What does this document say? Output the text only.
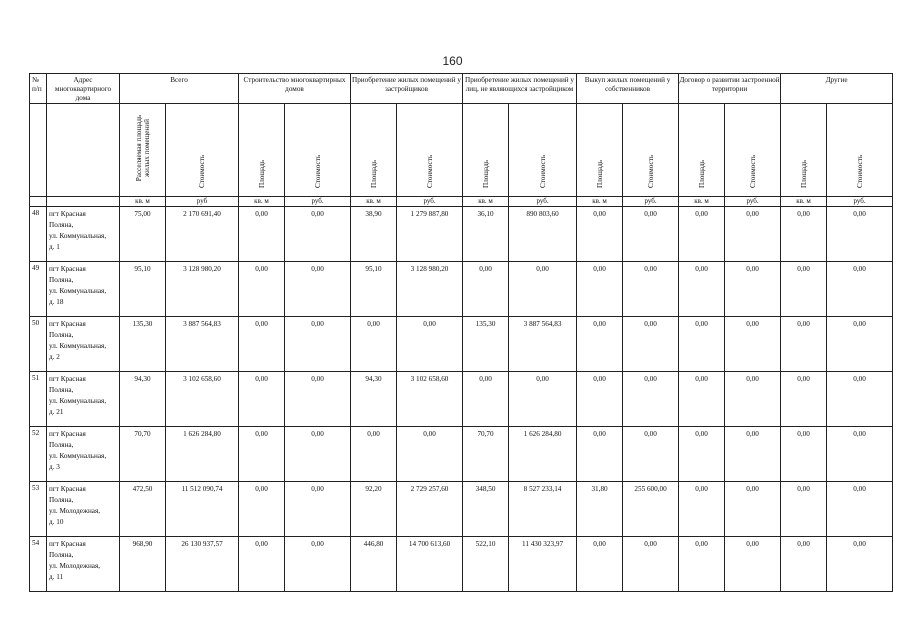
160
№ п/п	Адрес многоквартирного дома	Всего		Строительство многоквартирных домов		Приобретение жилых помещений у застройщиков		Приобретение жилых помещений у лиц, не являющихся застройщиком		Выкуп жилых помещений у собственников		Договор о развитии застроенной территории		Другие	

		Расселяемая площадь жилых помещений	Стоимость	Площадь	Стоимость	Площадь	Стоимость	Площадь	Стоимость	Площадь	Стоимость	Площадь	Стоимость	Площадь	Стоимость

		кв. м	руб	кв. м	руб.	кв. м	руб.	кв. м	руб.	кв. м	руб.	кв. м	руб.	кв. м	руб.
48	пгт Красная
Поляна,
ул. Коммунальная,
д. 1	75,00	2 170 691,40	0,00	0,00	38,90	1 279 887,80	36,10	890 803,60	0,00	0,00	0,00	0,00	0,00	0,00
49	пгт Красная
Поляна,
ул. Коммунальная,
д. 18	95,10	3 128 980,20	0,00	0,00	95,10	3 128 980,20	0,00	0,00	0,00	0,00	0,00	0,00	0,00	0,00
50	пгт Красная
Поляна,
ул. Коммунальная,
д. 2	135,30	3 887 564,83	0,00	0,00	0,00	0,00	135,30	3 887 564,83	0,00	0,00	0,00	0,00	0,00	0,00
51	пгт Красная
Поляна,
ул. Коммунальная,
д. 21	94,30	3 102 658,60	0,00	0,00	94,30	3 102 658,60	0,00	0,00	0,00	0,00	0,00	0,00	0,00	0,00
52	пгт Красная
Поляна,
ул. Коммунальная,
д. 3	70,70	1 626 284,80	0,00	0,00	0,00	0,00	70,70	1 626 284,80	0,00	0,00	0,00	0,00	0,00	0,00
53	пгт Красная
Поляна,
ул. Молодежная,
д. 10	472,50	11 512 090,74	0,00	0,00	92,20	2 729 257,60	348,50	8 527 233,14	31,80	255 600,00	0,00	0,00	0,00	0,00
54	пгт Красная
Поляна,
ул. Молодежная,
д. 11	968,90	26 130 937,57	0,00	0,00	446,80	14 700 613,60	522,10	11 430 323,97	0,00	0,00	0,00	0,00	0,00	0,00
